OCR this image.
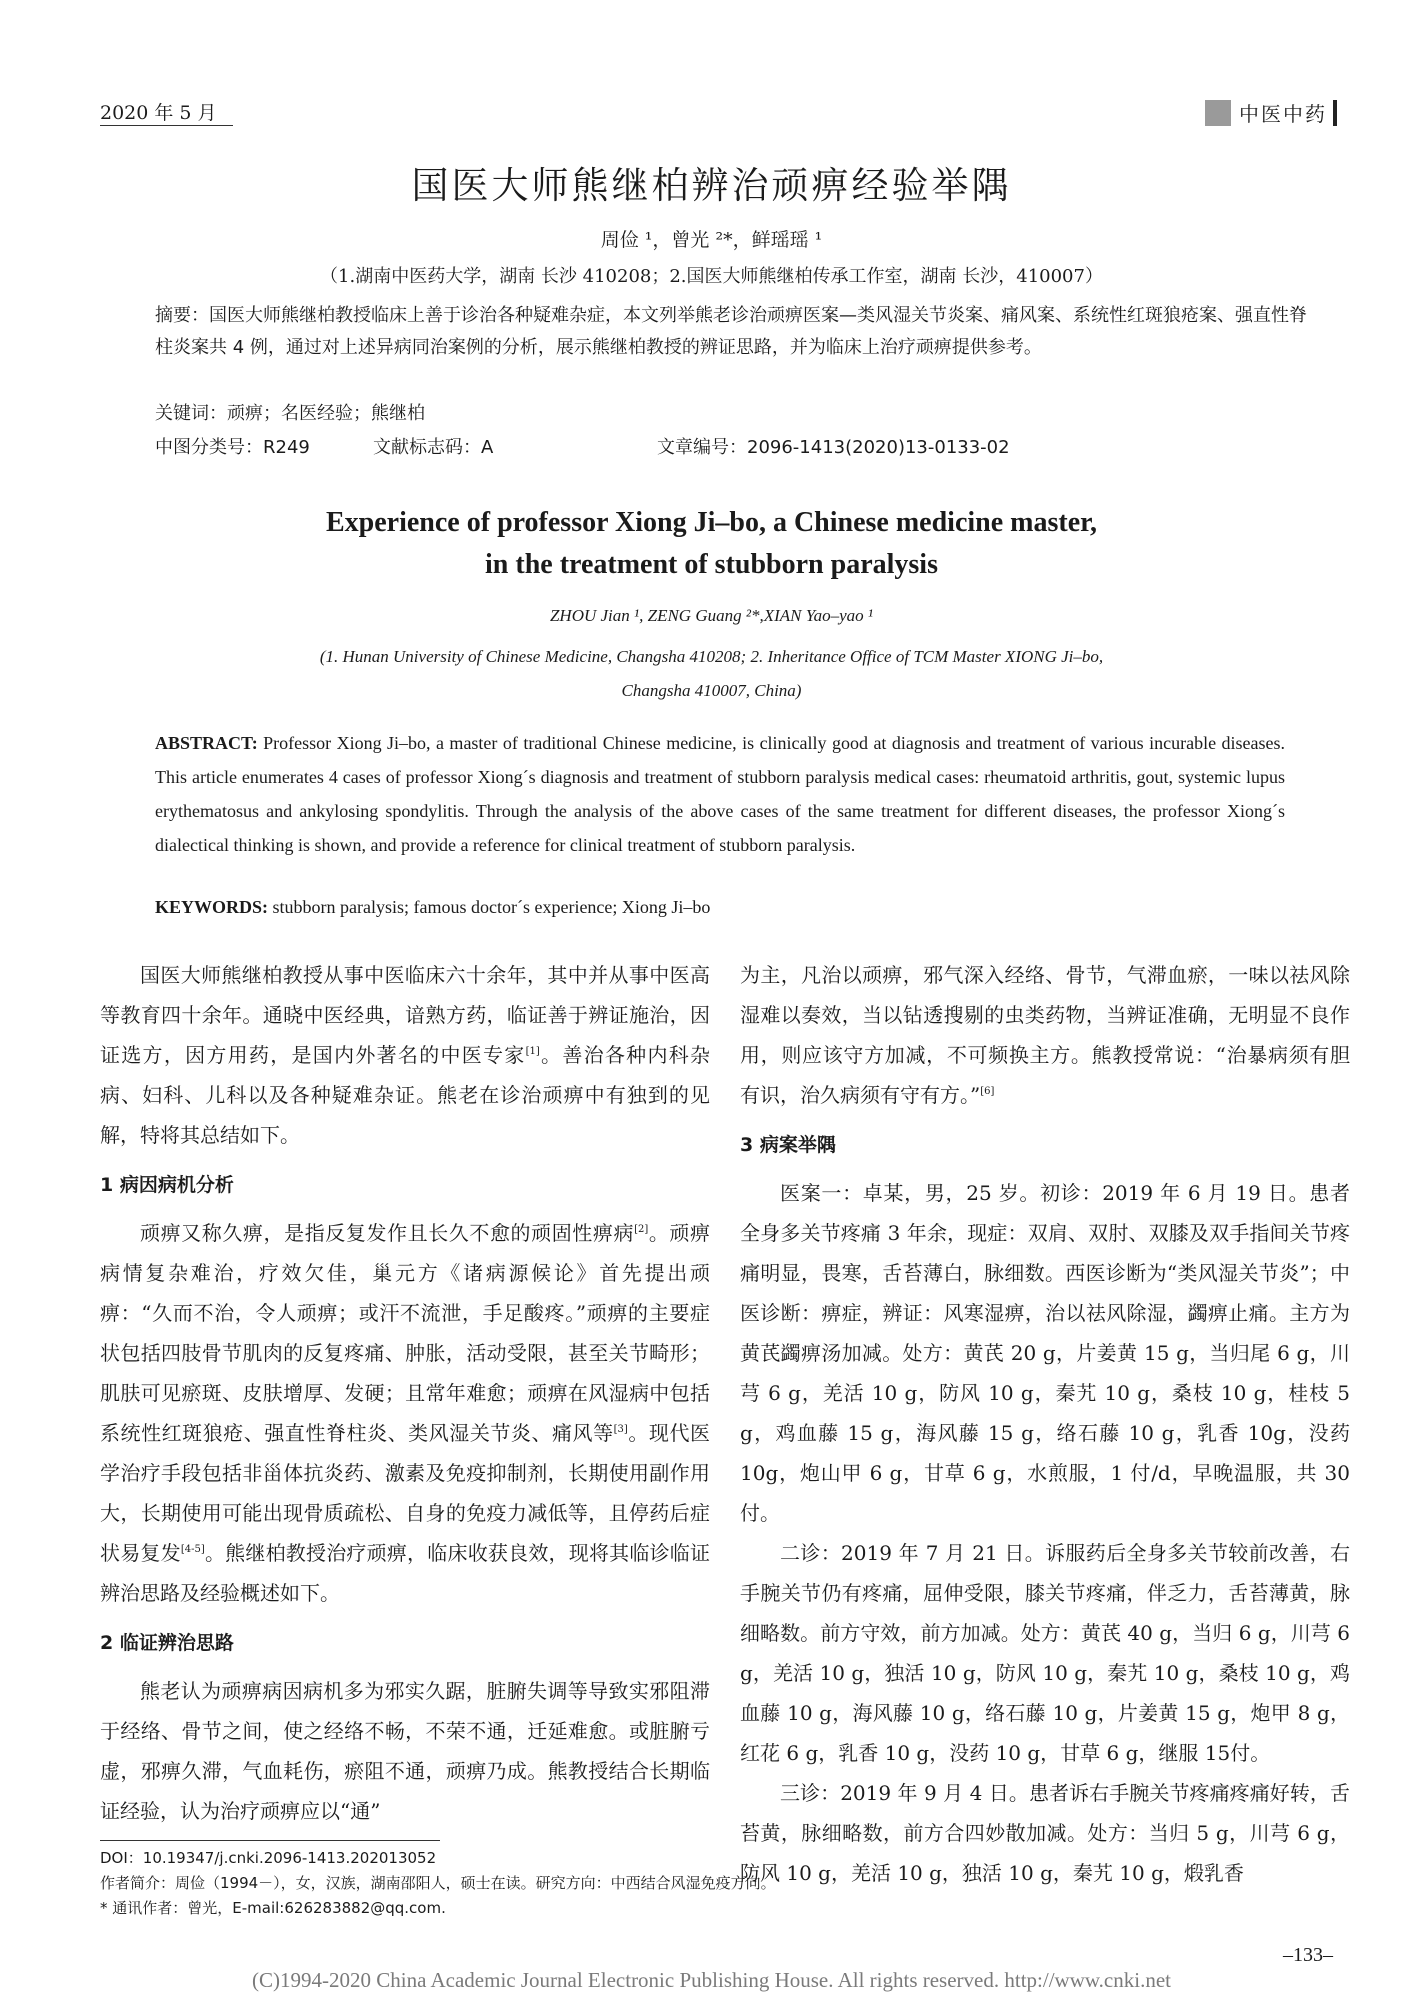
2020 年 5 月	中医中药
国医大师熊继柏辨治顽痹经验举隅
周俭 ¹，曾光 ²*，鲜瑶瑶 ¹
（1.湖南中医药大学，湖南 长沙 410208；2.国医大师熊继柏传承工作室，湖南 长沙，410007）
摘要：国医大师熊继柏教授临床上善于诊治各种疑难杂症，本文列举熊老诊治顽痹医案—类风湿关节炎案、痛风案、系统性红斑狼疮案、强直性脊柱炎案共 4 例，通过对上述异病同治案例的分析，展示熊继柏教授的辨证思路，并为临床上治疗顽痹提供参考。
关键词：顽痹；名医经验；熊继柏
中图分类号：R249	文献标志码：A	文章编号：2096-1413(2020)13-0133-02
Experience of professor Xiong Ji–bo, a Chinese medicine master,
in the treatment of stubborn paralysis
ZHOU Jian ¹, ZENG Guang ²*,XIAN Yao–yao ¹
(1. Hunan University of Chinese Medicine, Changsha 410208; 2. Inheritance Office of TCM Master XIONG Ji–bo,
Changsha 410007, China)
ABSTRACT: Professor Xiong Ji–bo, a master of traditional Chinese medicine, is clinically good at diagnosis and treatment of various incurable diseases. This article enumerates 4 cases of professor Xiong´s diagnosis and treatment of stubborn paralysis medical cases: rheumatoid arthritis, gout, systemic lupus erythematosus and ankylosing spondylitis. Through the analysis of the above cases of the same treatment for different diseases, the professor Xiong´s dialectical thinking is shown, and provide a reference for clinical treatment of stubborn paralysis.
KEYWORDS: stubborn paralysis; famous doctor´s experience; Xiong Ji–bo

国医大师熊继柏教授从事中医临床六十余年，其中并从事中医高等教育四十余年。通晓中医经典，谙熟方药，临证善于辨证施治，因证选方，因方用药，是国内外著名的中医专家[1]。善治各种内科杂病、妇科、儿科以及各种疑难杂证。熊老在诊治顽痹中有独到的见解，特将其总结如下。

1 病因病机分析

顽痹又称久痹，是指反复发作且长久不愈的顽固性痹病[2]。顽痹病情复杂难治，疗效欠佳，巢元方《诸病源候论》首先提出顽痹：“久而不治，令人顽痹；或汗不流泄，手足酸疼。”顽痹的主要症状包括四肢骨节肌肉的反复疼痛、肿胀，活动受限，甚至关节畸形；肌肤可见瘀斑、皮肤增厚、发硬；且常年难愈；顽痹在风湿病中包括系统性红斑狼疮、强直性脊柱炎、类风湿关节炎、痛风等[3]。现代医学治疗手段包括非甾体抗炎药、激素及免疫抑制剂，长期使用副作用大，长期使用可能出现骨质疏松、自身的免疫力减低等，且停药后症状易复发[4-5]。熊继柏教授治疗顽痹，临床收获良效，现将其临诊临证辨治思路及经验概述如下。

2 临证辨治思路

熊老认为顽痹病因病机多为邪实久踞，脏腑失调等导致实邪阻滞于经络、骨节之间，使之经络不畅，不荣不通，迁延难愈。或脏腑亏虚，邪痹久滞，气血耗伤，瘀阻不通，顽痹乃成。熊教授结合长期临证经验，认为治疗顽痹应以“通”

为主，凡治以顽痹，邪气深入经络、骨节，气滞血瘀，一味以祛风除湿难以奏效，当以钻透搜剔的虫类药物，当辨证准确，无明显不良作用，则应该守方加减，不可频换主方。熊教授常说：“治暴病须有胆有识，治久病须有守有方。”[6]

3 病案举隅

医案一：卓某，男，25 岁。初诊：2019 年 6 月 19 日。患者全身多关节疼痛 3 年余，现症：双肩、双肘、双膝及双手指间关节疼痛明显，畏寒，舌苔薄白，脉细数。西医诊断为“类风湿关节炎”；中医诊断：痹症，辨证：风寒湿痹，治以祛风除湿，蠲痹止痛。主方为黄芪蠲痹汤加减。处方：黄芪 20 g，片姜黄 15 g，当归尾 6 g，川芎 6 g，羌活 10 g，防风 10 g，秦艽 10 g，桑枝 10 g，桂枝 5 g，鸡血藤 15 g，海风藤 15 g，络石藤 10 g，乳香 10g，没药 10g，炮山甲 6 g，甘草 6 g，水煎服，1 付/d，早晚温服，共 30 付。

二诊：2019 年 7 月 21 日。诉服药后全身多关节较前改善，右手腕关节仍有疼痛，屈伸受限，膝关节疼痛，伴乏力，舌苔薄黄，脉细略数。前方守效，前方加减。处方：黄芪 40 g，当归 6 g，川芎 6 g，羌活 10 g，独活 10 g，防风 10 g，秦艽 10 g，桑枝 10 g，鸡血藤 10 g，海风藤 10 g，络石藤 10 g，片姜黄 15 g，炮甲 8 g，红花 6 g，乳香 10 g，没药 10 g，甘草 6 g，继服 15付。

三诊：2019 年 9 月 4 日。患者诉右手腕关节疼痛疼痛好转，舌苔黄，脉细略数，前方合四妙散加减。处方：当归 5 g，川芎 6 g，防风 10 g，羌活 10 g，独活 10 g，秦艽 10 g，煅乳香

DOI：10.19347/j.cnki.2096-1413.202013052
作者简介：周俭（1994－），女，汉族，湖南邵阳人，硕士在读。研究方向：中西结合风湿免疫方向。
* 通讯作者：曾光，E-mail:626283882@qq.com.
–133–
(C)1994-2020 China Academic Journal Electronic Publishing House. All rights reserved. http://www.cnki.net
